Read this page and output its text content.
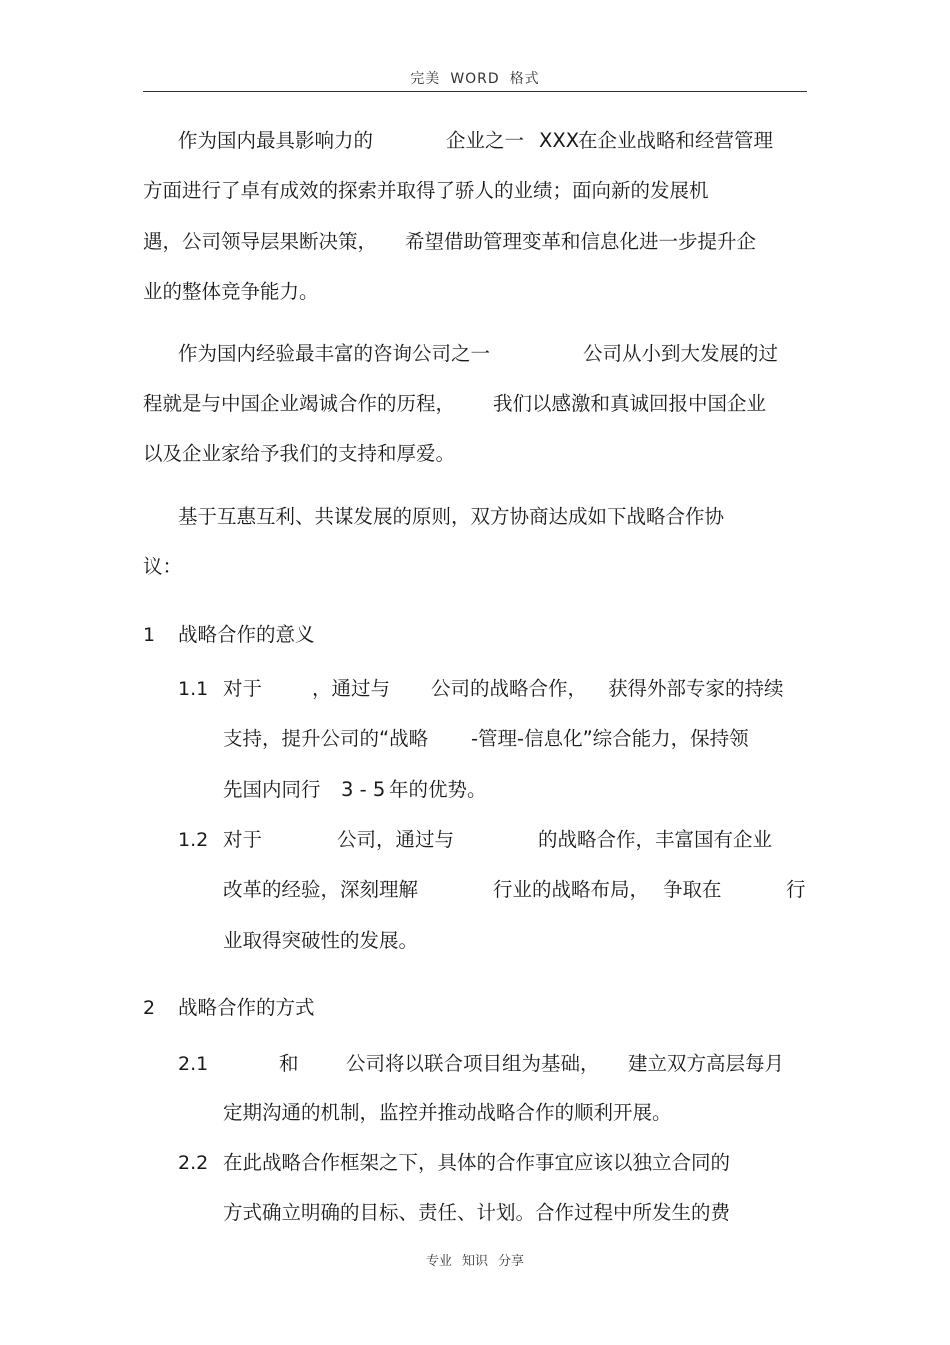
完美 WORD 格式
作为国内最具影响力的	企业之一 XXX
在企业战略和经营管理
方面进行了卓有成效的探索并取得了骄人的业绩；面向新的发展机
遇，公司领导层果断决策， 希望借助管理变革和信息化进一步提升企
业的整体竞争能力。
作为国内经验最丰富的咨询公司之一	公司从小到大发展的过
程就是与中国企业竭诚合作的历程， 我们以感激和真诚回报中国企业
以及企业家给予我们的支持和厚爱。
基于互惠互利、共谋发展的原则，双方协商达成如下战略合作协
议：
1 战略合作的意义
1.1 对于	，通过与 公司的战略合作， 获得外部专家的持续
支持，提升公司的“战略 -管理-信息化”综合能力，保持领
先国内同行 3 - 5 年的优势。
1.2 对于	公司，通过与	的战略合作，丰富国有企业
改革的经验，深刻理解	行业的战略布局， 争取在	行
业取得突破性的发展。
2 战略合作的方式
2.1	和 公司将以联合项目组为基础， 建立双方高层每月
定期沟通的机制，监控并推动战略合作的顺利开展。
2.2 在此战略合作框架之下，具体的合作事宜应该以独立合同的
方式确立明确的目标、责任、计划。合作过程中所发生的费
专业 知识 分享
